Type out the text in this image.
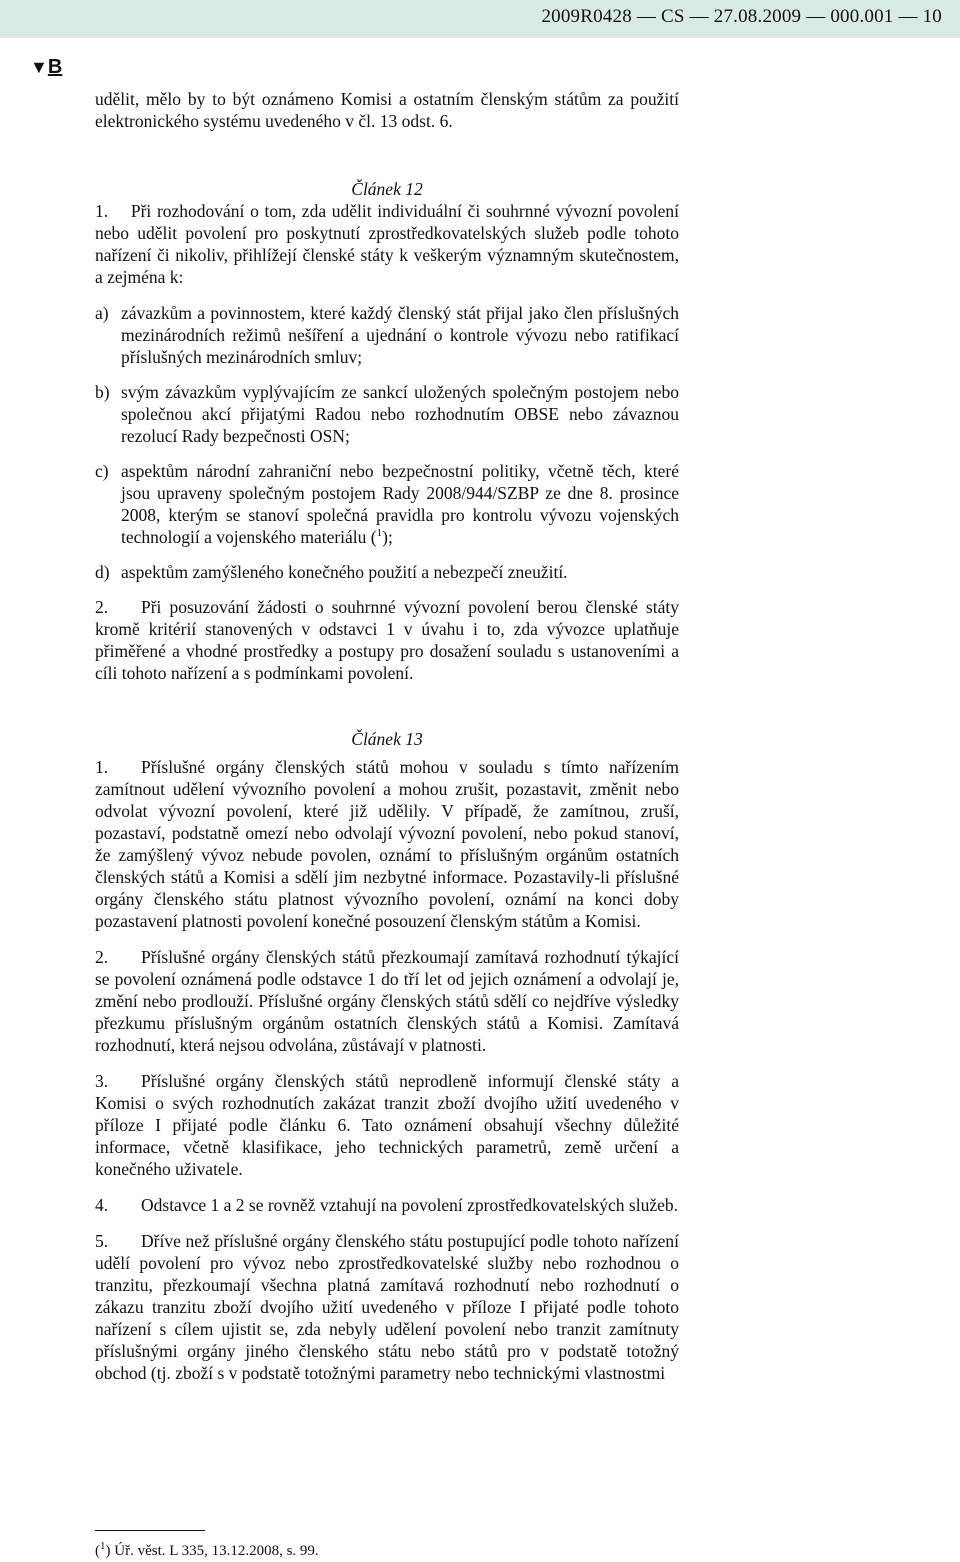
2009R0428 — CS — 27.08.2009 — 000.001 — 10
▼B

udělit, mělo by to být oznámeno Komisi a ostatním členským státům za použití elektronického systému uvedeného v čl. 13 odst. 6.

Článek 12

1. Při rozhodování o tom, zda udělit individuální či souhrnné vývozní povolení nebo udělit povolení pro poskytnutí zprostředkovatelských služeb podle tohoto nařízení či nikoliv, přihlížejí členské státy k veškerým významným skutečnostem, a zejména k:

a) závazkům a povinnostem, které každý členský stát přijal jako člen příslušných mezinárodních režimů nešíření a ujednání o kontrole vývozu nebo ratifikací příslušných mezinárodních smluv;
b) svým závazkům vyplývajícím ze sankcí uložených společným postojem nebo společnou akcí přijatými Radou nebo rozhodnutím OBSE nebo závaznou rezolucí Rady bezpečnosti OSN;
c) aspektům národní zahraniční nebo bezpečnostní politiky, včetně těch, které jsou upraveny společným postojem Rady 2008/944/SZBP ze dne 8. prosince 2008, kterým se stanoví společná pravidla pro kontrolu vývozu vojenských technologií a vojenského materiálu ($^1$);
d) aspektům zamýšleného konečného použití a nebezpečí zneužití.

2. Při posuzování žádosti o souhrnné vývozní povolení berou členské státy kromě kritérií stanovených v odstavci 1 v úvahu i to, zda vývozce uplatňuje přiměřené a vhodné prostředky a postupy pro dosažení souladu s ustanoveními a cíli tohoto nařízení a s podmínkami povolení.

Článek 13

1. Příslušné orgány členských států mohou v souladu s tímto nařízením zamítnout udělení vývozního povolení a mohou zrušit, pozastavit, změnit nebo odvolat vývozní povolení, které již udělily. V případě, že zamítnou, zruší, pozastaví, podstatně omezí nebo odvolají vývozní povolení, nebo pokud stanoví, že zamýšlený vývoz nebude povolen, oznámí to příslušným orgánům ostatních členských států a Komisi a sdělí jim nezbytné informace. Pozastavily-li příslušné orgány členského státu platnost vývozního povolení, oznámí na konci doby pozastavení platnosti povolení konečné posouzení členským státům a Komisi.

2. Příslušné orgány členských států přezkoumají zamítavá rozhodnutí týkající se povolení oznámená podle odstavce 1 do tří let od jejich oznámení a odvolají je, změní nebo prodlouží. Příslušné orgány členských států sdělí co nejdříve výsledky přezkumu příslušným orgánům ostatních členských států a Komisi. Zamítavá rozhodnutí, která nejsou odvolána, zůstávají v platnosti.

3. Příslušné orgány členských států neprodleně informují členské státy a Komisi o svých rozhodnutích zakázat tranzit zboží dvojího užití uvedeného v příloze I přijaté podle článku 6. Tato oznámení obsahují všechny důležité informace, včetně klasifikace, jeho technických parametrů, země určení a konečného uživatele.

4. Odstavce 1 a 2 se rovněž vztahují na povolení zprostředkovatelských služeb.

5. Dříve než příslušné orgány členského státu postupující podle tohoto nařízení udělí povolení pro vývoz nebo zprostředkovatelské služby nebo rozhodnou o tranzitu, přezkoumají všechna platná zamítavá rozhodnutí nebo rozhodnutí o zákazu tranzitu zboží dvojího užití uvedeného v příloze I přijaté podle tohoto nařízení s cílem ujistit se, zda nebyly udělení povolení nebo tranzit zamítnuty příslušnými orgány jiného členského státu nebo států pro v podstatě totožný obchod (tj. zboží s v podstatě totožnými parametry nebo technickými vlastnostmi

($^1$) Úř. věst. L 335, 13.12.2008, s. 99.
